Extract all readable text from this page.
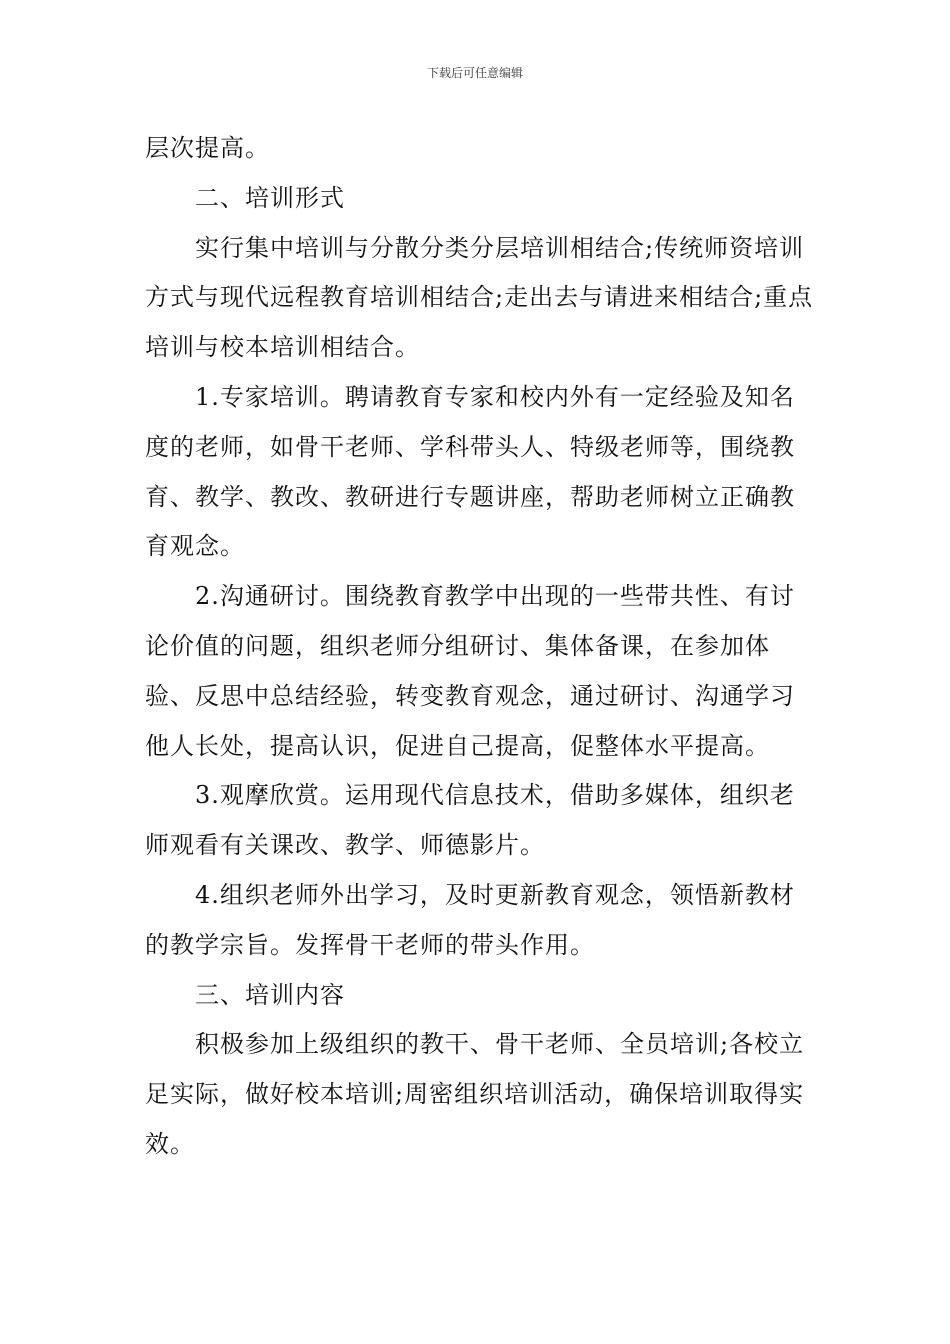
下载后可任意编辑

层次提高。

二、培训形式

实行集中培训与分散分类分层培训相结合;传统师资培训方式与现代远程教育培训相结合;走出去与请进来相结合;重点培训与校本培训相结合。

1.专家培训。聘请教育专家和校内外有一定经验及知名度的老师，如骨干老师、学科带头人、特级老师等，围绕教育、教学、教改、教研进行专题讲座，帮助老师树立正确教育观念。

2.沟通研讨。围绕教育教学中出现的一些带共性、有讨论价值的问题，组织老师分组研讨、集体备课，在参加体验、反思中总结经验，转变教育观念，通过研讨、沟通学习他人长处，提高认识，促进自己提高，促整体水平提高。

3.观摩欣赏。运用现代信息技术，借助多媒体，组织老师观看有关课改、教学、师德影片。

4.组织老师外出学习，及时更新教育观念，领悟新教材的教学宗旨。发挥骨干老师的带头作用。

三、培训内容

积极参加上级组织的教干、骨干老师、全员培训;各校立足实际，做好校本培训;周密组织培训活动，确保培训取得实效。
